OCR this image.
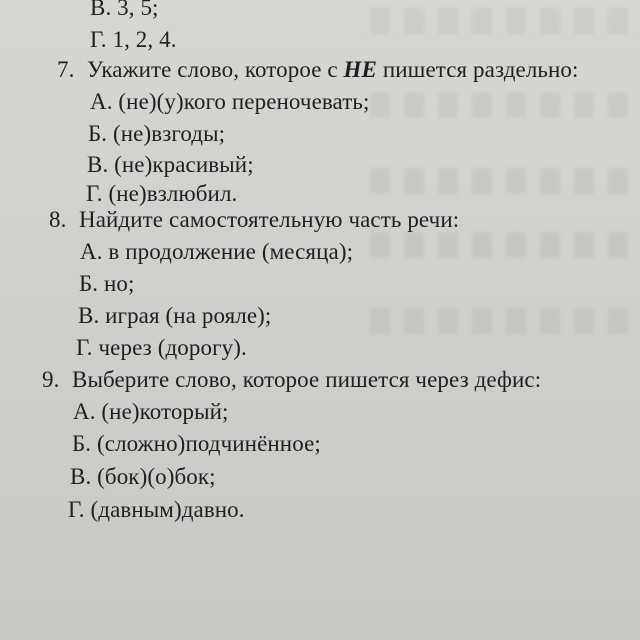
В. 3, 5;
Г. 1, 2, 4.
7. Укажите слово, которое с НЕ пишется раздельно:
А. (не)(у)кого переночевать;
Б. (не)взгоды;
В. (не)красивый;
Г. (не)взлюбил.
8. Найдите самостоятельную часть речи:
А. в продолжение (месяца);
Б. но;
В. играя (на рояле);
Г. через (дорогу).
9. Выберите слово, которое пишется через дефис:
А. (не)который;
Б. (сложно)подчинённое;
В. (бок)(о)бок;
Г. (давным)давно.
